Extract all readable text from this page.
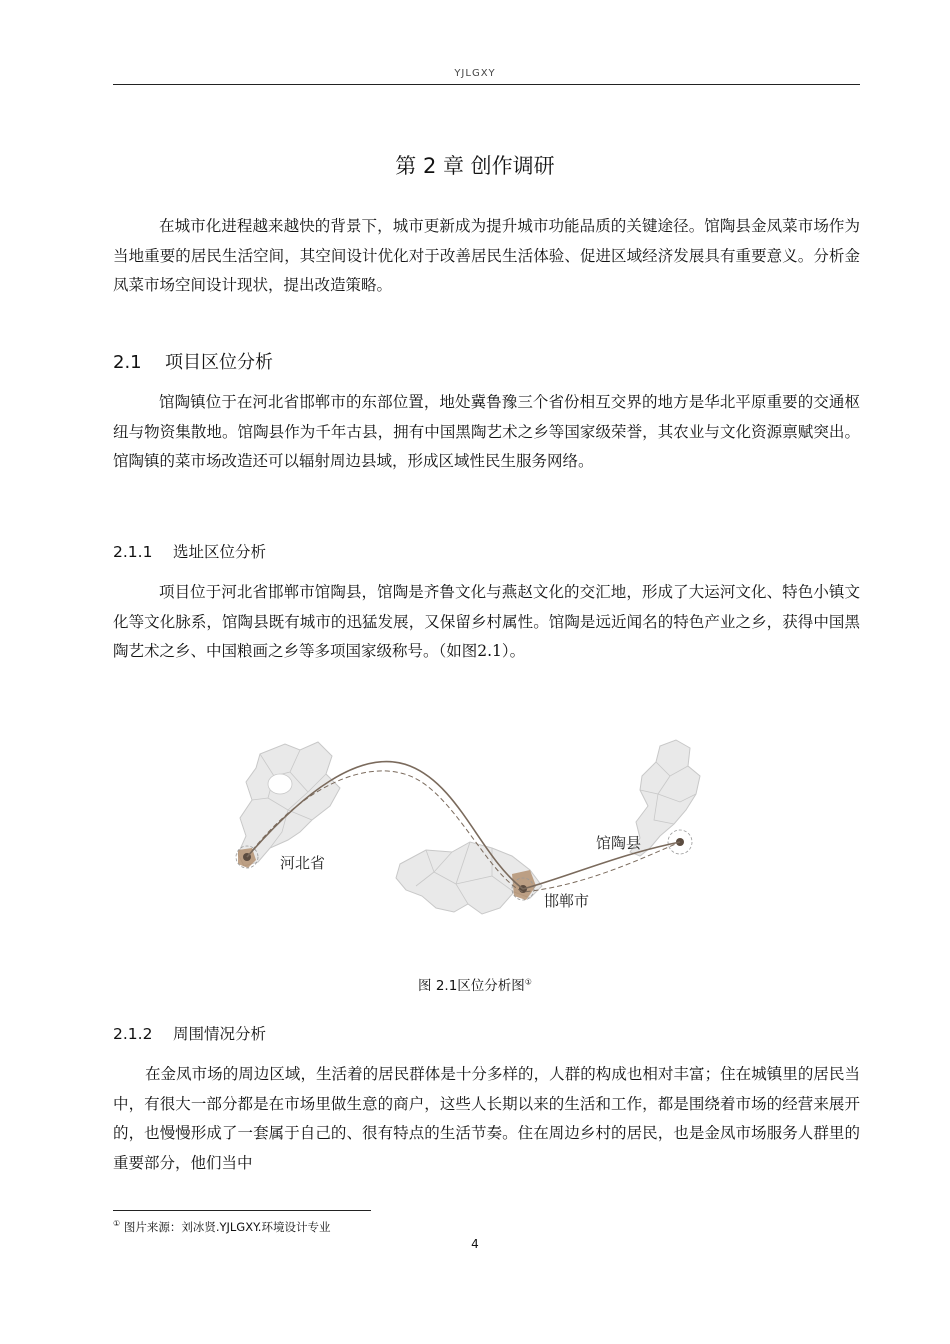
YJLGXY
第 2 章 创作调研

在城市化进程越来越快的背景下，城市更新成为提升城市功能品质的关键途径。馆陶县金凤菜市场作为当地重要的居民生活空间，其空间设计优化对于改善居民生活体验、促进区域经济发展具有重要意义。分析金凤菜市场空间设计现状，提出改造策略。

2.1 项目区位分析

馆陶镇位于在河北省邯郸市的东部位置，地处冀鲁豫三个省份相互交界的地方是华北平原重要的交通枢纽与物资集散地。馆陶县作为千年古县，拥有中国黑陶艺术之乡等国家级荣誉，其农业与文化资源禀赋突出。馆陶镇的菜市场改造还可以辐射周边县域，形成区域性民生服务网络。

2.1.1 选址区位分析

项目位于河北省邯郸市馆陶县，馆陶是齐鲁文化与燕赵文化的交汇地，形成了大运河文化、特色小镇文化等文化脉系，馆陶县既有城市的迅猛发展，又保留乡村属性。馆陶是远近闻名的特色产业之乡，获得中国黑陶艺术之乡、中国粮画之乡等多项国家级称号。（如图2.1）。

河北省
邯郸市
馆陶县
图 2.1区位分析图①
2.1.2 周围情况分析

在金凤市场的周边区域，生活着的居民群体是十分多样的，人群的构成也相对丰富；住在城镇里的居民当中，有很大一部分都是在市场里做生意的商户，这些人长期以来的生活和工作，都是围绕着市场的经营来展开的，也慢慢形成了一套属于自己的、很有特点的生活节奏。住在周边乡村的居民，也是金凤市场服务人群里的重要部分，他们当中

① 图片来源：刘冰贤.YJLGXY.环境设计专业
4
